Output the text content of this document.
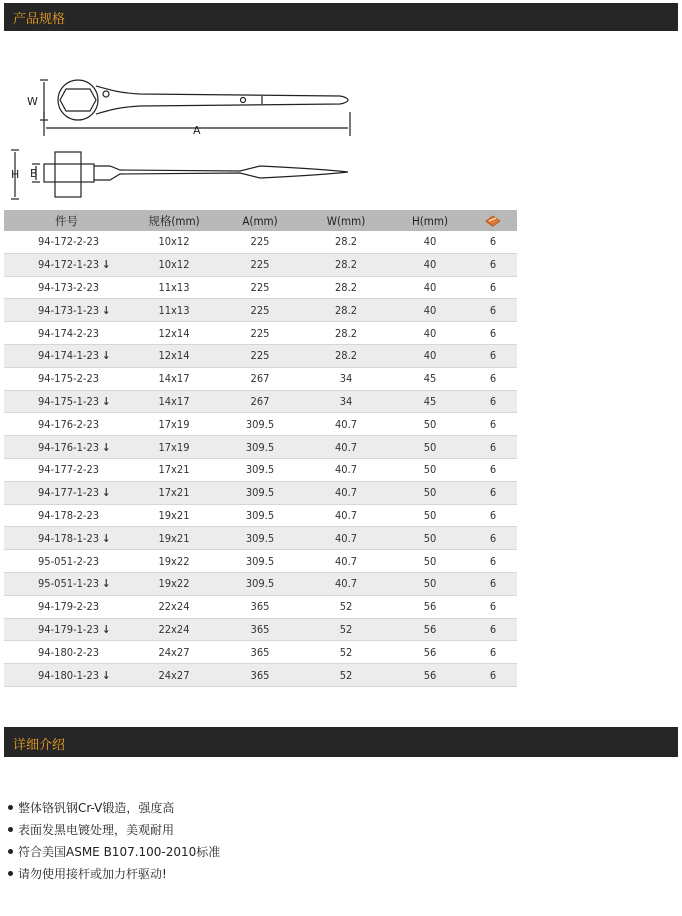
产品规格
W
A
H B
件号	规格(mm)	A(mm)	W(mm)	H(mm)	
94-172-2-23	10x12	225	28.2	40	6
94-172-1-23 ↓	10x12	225	28.2	40	6
94-173-2-23	11x13	225	28.2	40	6
94-173-1-23 ↓	11x13	225	28.2	40	6
94-174-2-23	12x14	225	28.2	40	6
94-174-1-23 ↓	12x14	225	28.2	40	6
94-175-2-23	14x17	267	34	45	6
94-175-1-23 ↓	14x17	267	34	45	6
94-176-2-23	17x19	309.5	40.7	50	6
94-176-1-23 ↓	17x19	309.5	40.7	50	6
94-177-2-23	17x21	309.5	40.7	50	6
94-177-1-23 ↓	17x21	309.5	40.7	50	6
94-178-2-23	19x21	309.5	40.7	50	6
94-178-1-23 ↓	19x21	309.5	40.7	50	6
95-051-2-23	19x22	309.5	40.7	50	6
95-051-1-23 ↓	19x22	309.5	40.7	50	6
94-179-2-23	22x24	365	52	56	6
94-179-1-23 ↓	22x24	365	52	56	6
94-180-2-23	24x27	365	52	56	6
94-180-1-23 ↓	24x27	365	52	56	6
详细介绍
整体铬钒钢Cr-V锻造，强度高
表面发黑电镀处理，美观耐用
符合美国ASME B107.100-2010标准
请勿使用接杆或加力杆驱动!
